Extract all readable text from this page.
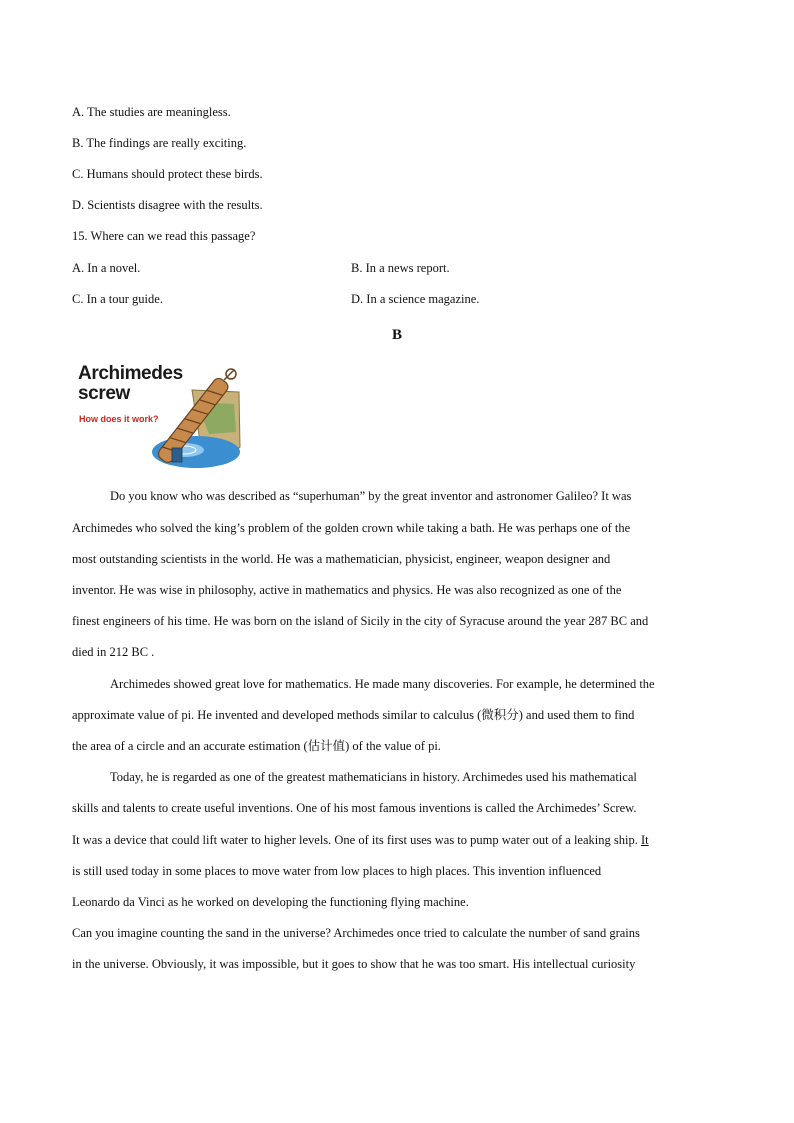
A. The studies are meaningless.
B. The findings are really exciting.
C. Humans should protect these birds.
D. Scientists disagree with the results.
15. Where can we read this passage?
A. In a novel.	B. In a news report.
C. In a tour guide.	D. In a science magazine.
B
Archimedes
screw
How does it work?
Do you know who was described as “superhuman” by the great inventor and astronomer Galileo? It was
Archimedes who solved the king’s problem of the golden crown while taking a bath. He was perhaps one of the
most outstanding scientists in the world. He was a mathematician, physicist, engineer, weapon designer and
inventor. He was wise in philosophy, active in mathematics and physics. He was also recognized as one of the
finest engineers of his time. He was born on the island of Sicily in the city of Syracuse around the year 287 BC and
died in 212 BC .
Archimedes showed great love for mathematics. He made many discoveries. For example, he determined the
approximate value of pi. He invented and developed methods similar to calculus (微积分) and used them to find
the area of a circle and an accurate estimation (估计值) of the value of pi.
Today, he is regarded as one of the greatest mathematicians in history. Archimedes used his mathematical
skills and talents to create useful inventions. One of his most famous inventions is called the Archimedes’ Screw.
It was a device that could lift water to higher levels. One of its first uses was to pump water out of a leaking ship. It
is still used today in some places to move water from low places to high places. This invention influenced
Leonardo da Vinci as he worked on developing the functioning flying machine.
Can you imagine counting the sand in the universe? Archimedes once tried to calculate the number of sand grains
in the universe. Obviously, it was impossible, but it goes to show that he was too smart. His intellectual curiosity
